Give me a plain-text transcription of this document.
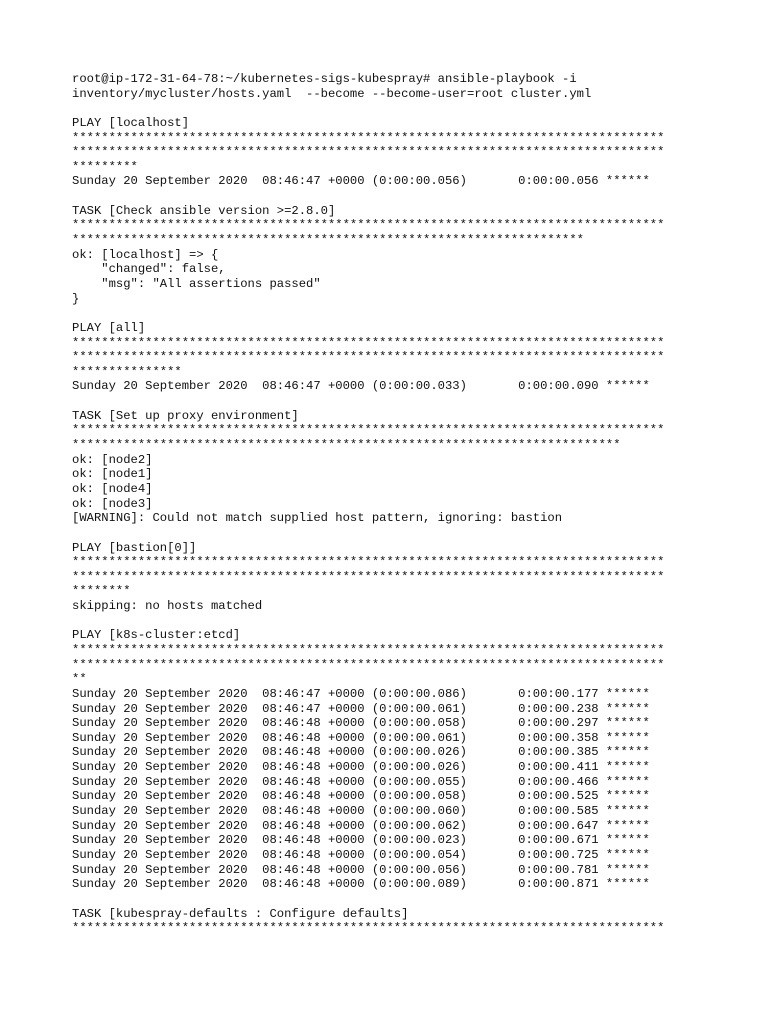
root@ip-172-31-64-78:~/kubernetes-sigs-kubespray# ansible-playbook -i
inventory/mycluster/hosts.yaml  --become --become-user=root cluster.yml
PLAY [localhost]
*********************************************************************************
*********************************************************************************
*********
Sunday 20 September 2020  08:46:47 +0000 (0:00:00.056)       0:00:00.056 ******
TASK [Check ansible version >=2.8.0]
*********************************************************************************
**********************************************************************
ok: [localhost] => {
"changed": false,
"msg": "All assertions passed"
}
PLAY [all]
*********************************************************************************
*********************************************************************************
***************
Sunday 20 September 2020  08:46:47 +0000 (0:00:00.033)       0:00:00.090 ******
TASK [Set up proxy environment]
*********************************************************************************
***************************************************************************
ok: [node2]
ok: [node1]
ok: [node4]
ok: [node3]
[WARNING]: Could not match supplied host pattern, ignoring: bastion
PLAY [bastion[0]]
*********************************************************************************
*********************************************************************************
********
skipping: no hosts matched
PLAY [k8s-cluster:etcd]
*********************************************************************************
*********************************************************************************
**
Sunday 20 September 2020  08:46:47 +0000 (0:00:00.086)       0:00:00.177 ******
Sunday 20 September 2020  08:46:47 +0000 (0:00:00.061)       0:00:00.238 ******
Sunday 20 September 2020  08:46:48 +0000 (0:00:00.058)       0:00:00.297 ******
Sunday 20 September 2020  08:46:48 +0000 (0:00:00.061)       0:00:00.358 ******
Sunday 20 September 2020  08:46:48 +0000 (0:00:00.026)       0:00:00.385 ******
Sunday 20 September 2020  08:46:48 +0000 (0:00:00.026)       0:00:00.411 ******
Sunday 20 September 2020  08:46:48 +0000 (0:00:00.055)       0:00:00.466 ******
Sunday 20 September 2020  08:46:48 +0000 (0:00:00.058)       0:00:00.525 ******
Sunday 20 September 2020  08:46:48 +0000 (0:00:00.060)       0:00:00.585 ******
Sunday 20 September 2020  08:46:48 +0000 (0:00:00.062)       0:00:00.647 ******
Sunday 20 September 2020  08:46:48 +0000 (0:00:00.023)       0:00:00.671 ******
Sunday 20 September 2020  08:46:48 +0000 (0:00:00.054)       0:00:00.725 ******
Sunday 20 September 2020  08:46:48 +0000 (0:00:00.056)       0:00:00.781 ******
Sunday 20 September 2020  08:46:48 +0000 (0:00:00.089)       0:00:00.871 ******
TASK [kubespray-defaults : Configure defaults]
*********************************************************************************
